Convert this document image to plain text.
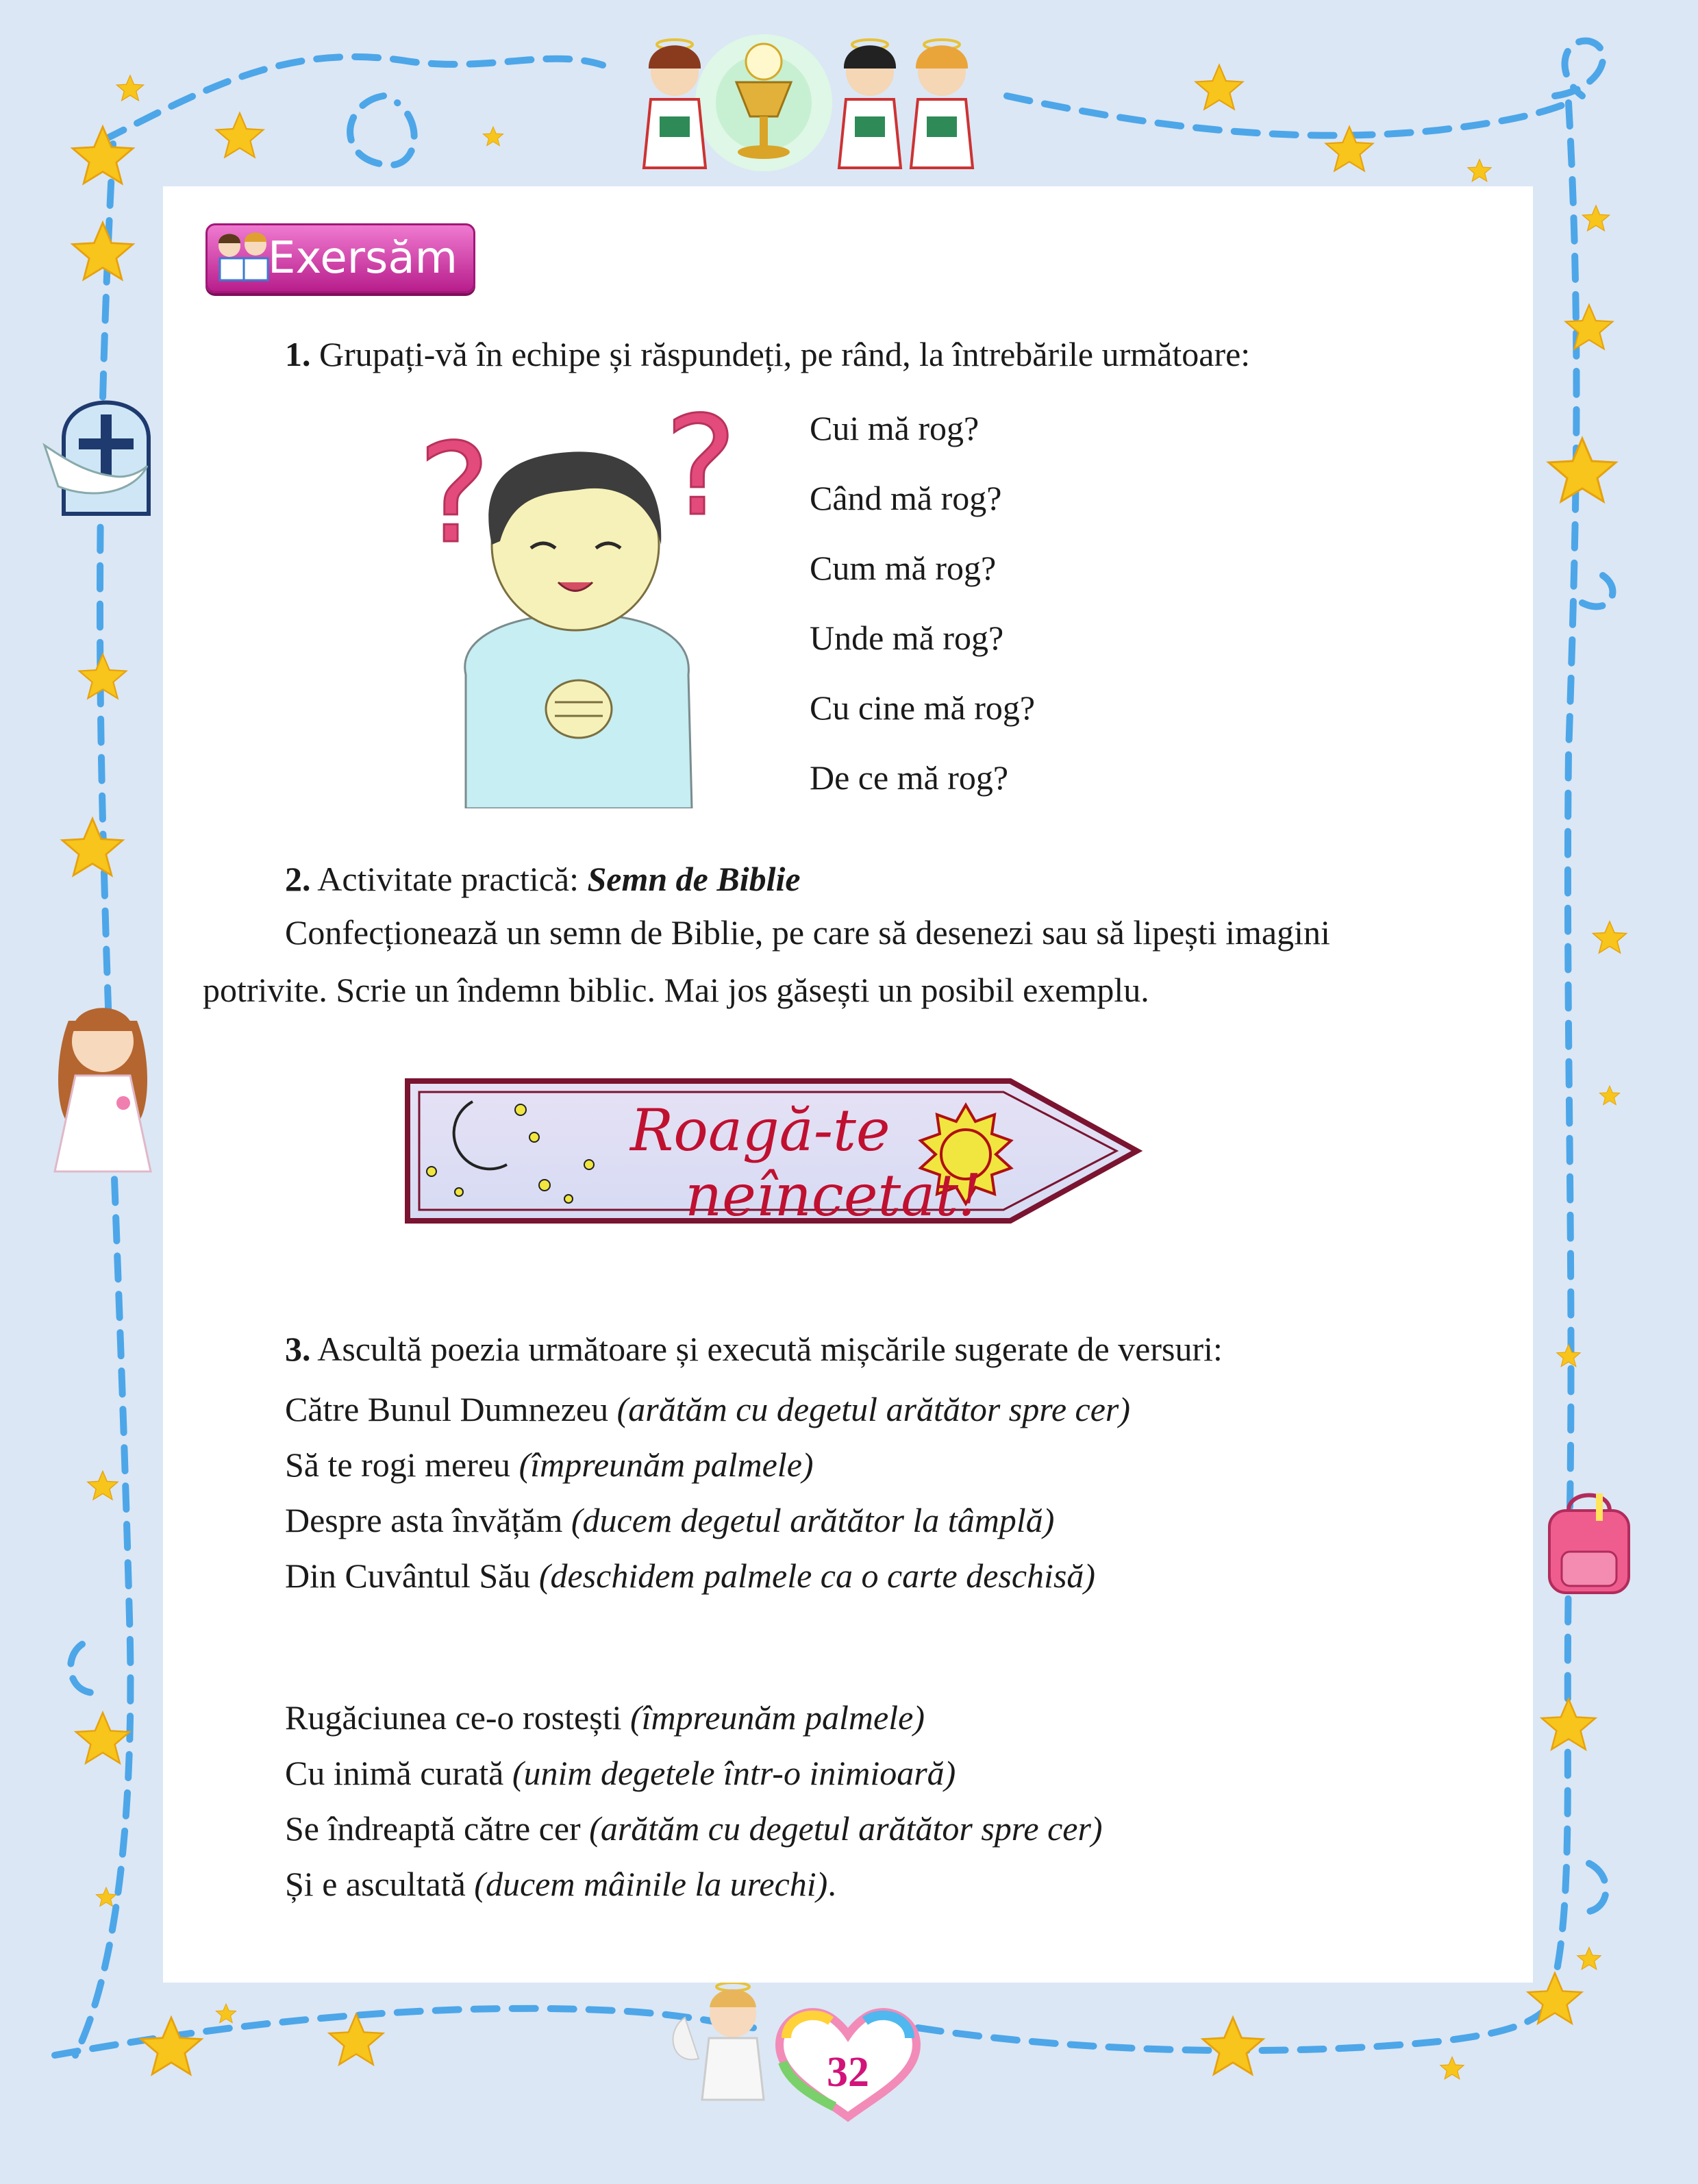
Exersăm
1. Grupați-vă în echipe și răspundeți, pe rând, la întrebările următoare:
? ? Cui mă rog?
Când mă rog?
Cum mă rog?
Unde mă rog?
Cu cine mă rog?
De ce mă rog?
2. Activitate practică: Semn de Biblie
Confecționează un semn de Biblie, pe care să desenezi sau să lipești imagini
potrivite. Scrie un îndemn biblic. Mai jos găsești un posibil exemplu.
Roagă-te
neîncetat!
3. Ascultă poezia următoare și execută mișcările sugerate de versuri:
Către Bunul Dumnezeu (arătăm cu degetul arătător spre cer)
Să te rogi mereu (împreunăm palmele)
Despre asta învățăm (ducem degetul arătător la tâmplă)
Din Cuvântul Său (deschidem palmele ca o carte deschisă)
Rugăciunea ce-o rostești (împreunăm palmele)
Cu inimă curată (unim degetele într-o inimioară)
Se îndreaptă către cer (arătăm cu degetul arătător spre cer)
Și e ascultată (ducem mâinile la urechi).
32
